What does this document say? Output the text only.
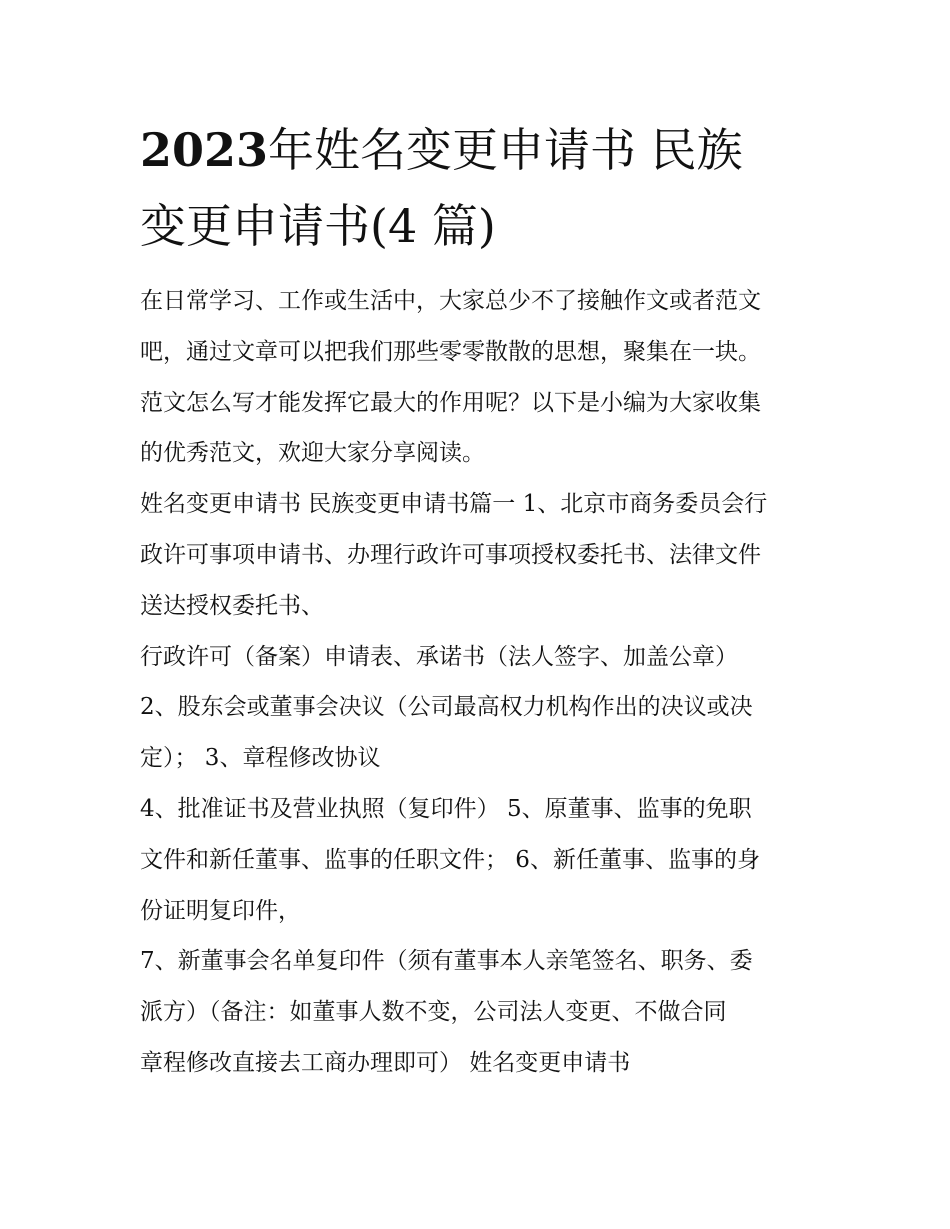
2023年姓名变更申请书 民族
变更申请书(4 篇)

在日常学习、工作或生活中，大家总少不了接触作文或者范文
吧，通过文章可以把我们那些零零散散的思想，聚集在一块。
范文怎么写才能发挥它最大的作用呢？以下是小编为大家收集
的优秀范文，欢迎大家分享阅读。

姓名变更申请书 民族变更申请书篇一 1、北京市商务委员会行
政许可事项申请书、办理行政许可事项授权委托书、法律文件
送达授权委托书、

行政许可（备案）申请表、承诺书（法人签字、加盖公章）

2、股东会或董事会决议（公司最高权力机构作出的决议或决
定）； 3、章程修改协议

4、批准证书及营业执照（复印件） 5、原董事、监事的免职
文件和新任董事、监事的任职文件； 6、新任董事、监事的身
份证明复印件，

7、新董事会名单复印件（须有董事本人亲笔签名、职务、委
派方）（备注：如董事人数不变，公司法人变更、不做合同
章程修改直接去工商办理即可） 姓名变更申请书
